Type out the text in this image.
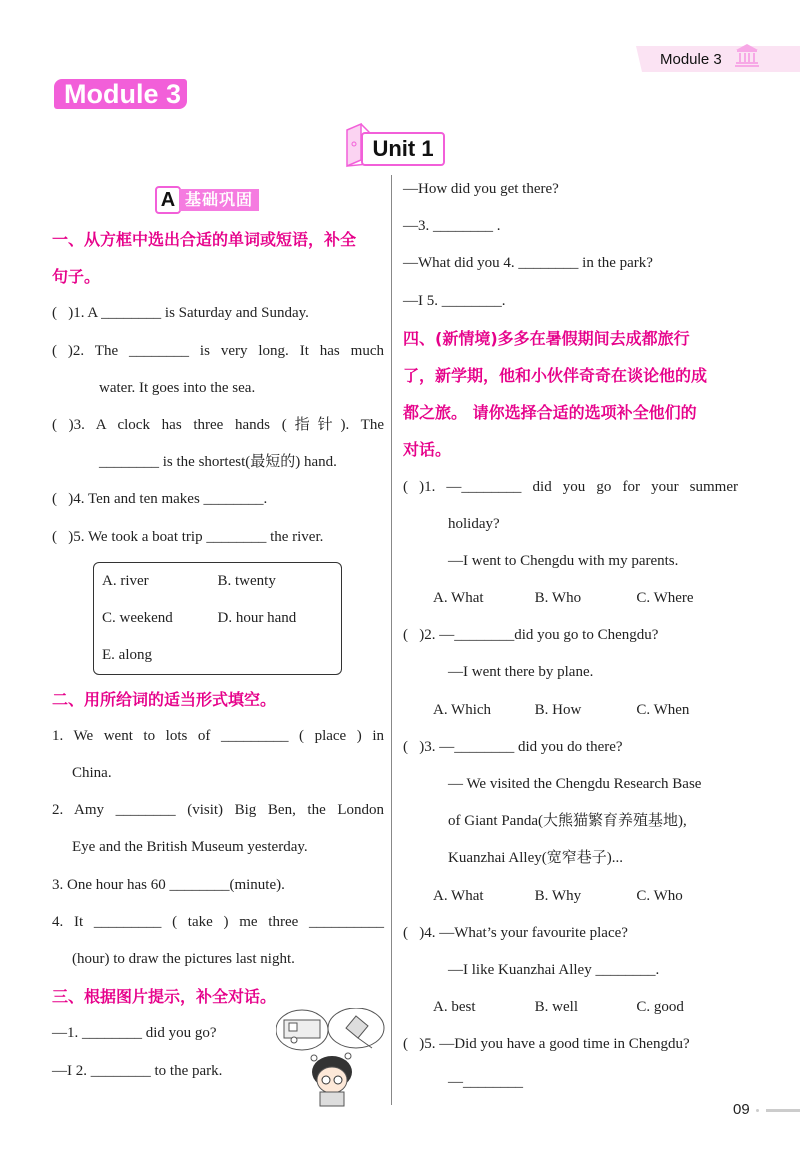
Module 3
Module 3
Unit 1
A 基础巩固
一、从方框中选出合适的单词或短语，补全
句子。
(   )1. A ________ is Saturday and Sunday.
( )2. The ________ is very long. It has much
water. It goes into the sea.
( )3. A clock has three hands (指针). The
________ is the shortest(最短的) hand.
(   )4. Ten and ten makes ________.
(   )5. We took a boat trip ________ the river.
A. river	B. twenty
C. weekend	D. hour hand
E. along
二、用所给词的适当形式填空。
1. We went to lots of _________ ( place ) in
China.
2. Amy ________ (visit) Big Ben, the London
Eye and the British Museum yesterday.
3. One hour has 60 ________(minute).
4. It _________ ( take ) me three __________
(hour) to draw the pictures last night.
三、根据图片提示，补全对话。
—1. ________ did you go?
—I 2. ________ to the park.
—How did you get there?
—3. ________ .
—What did you 4. ________ in the park?
—I 5. ________.
四、(新情境)多多在暑假期间去成都旅行
了，新学期，他和小伙伴奇奇在谈论他的成
都之旅。 请你选择合适的选项补全他们的
对话。
( )1. —________ did you go for your summer
holiday?
—I went to Chengdu with my parents.
A. What	B. Who	C. Where
(   )2. —________did you go to Chengdu?
—I went there by plane.
A. Which	B. How	C. When
(   )3. —________ did you do there?
— We visited the Chengdu Research Base
of Giant Panda(大熊猫繁育养殖基地),
Kuanzhai Alley(宽窄巷子)...
A. What	B. Why	C. Who
(   )4. —What’s your favourite place?
—I like Kuanzhai Alley ________.
A. best	B. well	C. good
(   )5. —Did you have a good time in Chengdu?
—________
09
